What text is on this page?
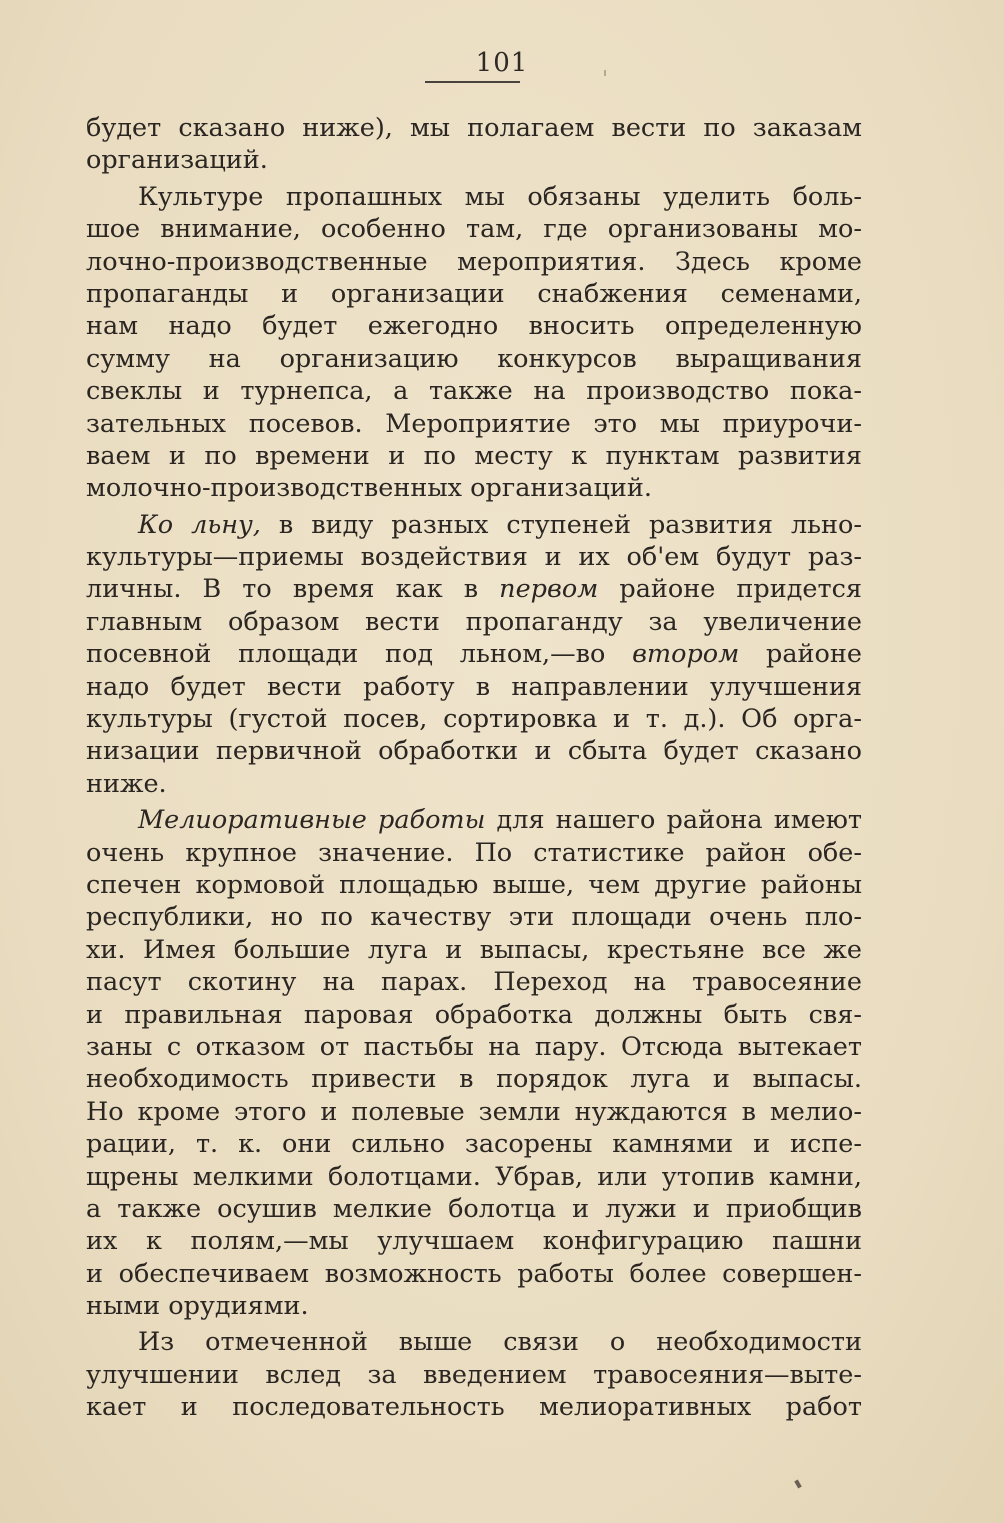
101
будет сказано ниже), мы полагаем вести по заказам
организаций.
Культуре пропашных мы обязаны уделить боль-
шое внимание, особенно там, где организованы мо-
лочно-производственные мероприятия. Здесь кроме
пропаганды и организации снабжения семенами,
нам надо будет ежегодно вносить определенную
сумму на организацию конкурсов выращивания
свеклы и турнепса, а также на производство пока-
зательных посевов. Мероприятие это мы приурочи-
ваем и по времени и по месту к пунктам развития
молочно-производственных организаций.
Ко льну, в виду разных ступеней развития льно-
культуры—приемы воздействия и их об'ем будут раз-
личны. В то время как в первом районе придется
главным образом вести пропаганду за увеличение
посевной площади под льном,—во втором районе
надо будет вести работу в направлении улучшения
культуры (густой посев, сортировка и т. д.). Об орга-
низации первичной обработки и сбыта будет сказано
ниже.
Мелиоративные работы для нашего района имеют
очень крупное значение. По статистике район обе-
спечен кормовой площадью выше, чем другие районы
республики, но по качеству эти площади очень пло-
хи. Имея большие луга и выпасы, крестьяне все же
пасут скотину на парах. Переход на травосеяние
и правильная паровая обработка должны быть свя-
заны с отказом от пастьбы на пару. Отсюда вытекает
необходимость привести в порядок луга и выпасы.
Но кроме этого и полевые земли нуждаются в мелио-
рации, т. к. они сильно засорены камнями и испе-
щрены мелкими болотцами. Убрав, или утопив камни,
а также осушив мелкие болотца и лужи и приобщив
их к полям,—мы улучшаем конфигурацию пашни
и обеспечиваем возможность работы более совершен-
ными орудиями.
Из отмеченной выше связи о необходимости
улучшении вслед за введением травосеяния—выте-
кает и последовательность мелиоративных работ
